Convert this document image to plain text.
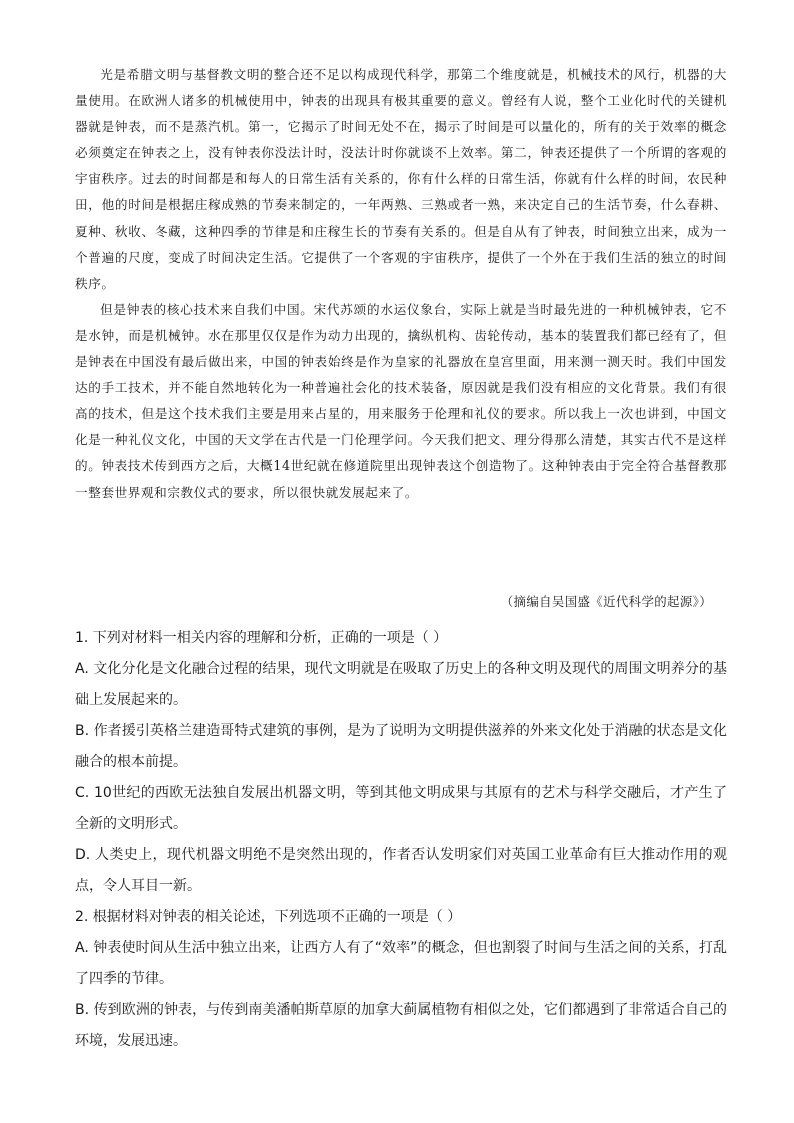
光是希腊文明与基督教文明的整合还不足以构成现代科学，那第二个维度就是，机械技术的风行，机器的大量使用。在欧洲人诸多的机械使用中，钟表的出现具有极其重要的意义。曾经有人说，整个工业化时代的关键机器就是钟表，而不是蒸汽机。第一，它揭示了时间无处不在，揭示了时间是可以量化的，所有的关于效率的概念必须奠定在钟表之上，没有钟表你没法计时，没法计时你就谈不上效率。第二，钟表还提供了一个所谓的客观的宇宙秩序。过去的时间都是和每人的日常生活有关系的，你有什么样的日常生活，你就有什么样的时间，农民种田，他的时间是根据庄稼成熟的节奏来制定的，一年两熟、三熟或者一熟，来决定自己的生活节奏，什么春耕、夏种、秋收、冬藏，这种四季的节律是和庄稼生长的节奏有关系的。但是自从有了钟表，时间独立出来，成为一个普遍的尺度，变成了时间决定生活。它提供了一个客观的宇宙秩序，提供了一个外在于我们生活的独立的时间秩序。

但是钟表的核心技术来自我们中国。宋代苏颂的水运仪象台，实际上就是当时最先进的一种机械钟表，它不是水钟，而是机械钟。水在那里仅仅是作为动力出现的，擒纵机构、齿轮传动，基本的装置我们都已经有了，但是钟表在中国没有最后做出来，中国的钟表始终是作为皇家的礼器放在皇宫里面，用来测一测天时。我们中国发达的手工技术，并不能自然地转化为一种普遍社会化的技术装备，原因就是我们没有相应的文化背景。我们有很高的技术，但是这个技术我们主要是用来占星的，用来服务于伦理和礼仪的要求。所以我上一次也讲到，中国文化是一种礼仪文化，中国的天文学在古代是一门伦理学问。今天我们把文、理分得那么清楚，其实古代不是这样的。钟表技术传到西方之后，大概14世纪就在修道院里出现钟表这个创造物了。这种钟表由于完全符合基督教那一整套世界观和宗教仪式的要求，所以很快就发展起来了。

（摘编自吴国盛《近代科学的起源》）

1. 下列对材料一相关内容的理解和分析，正确的一项是（ ）

A. 文化分化是文化融合过程的结果，现代文明就是在吸取了历史上的各种文明及现代的周围文明养分的基础上发展起来的。

B. 作者援引英格兰建造哥特式建筑的事例，是为了说明为文明提供滋养的外来文化处于消融的状态是文化融合的根本前提。

C. 10世纪的西欧无法独自发展出机器文明，等到其他文明成果与其原有的艺术与科学交融后，才产生了全新的文明形式。

D. 人类史上，现代机器文明绝不是突然出现的，作者否认发明家们对英国工业革命有巨大推动作用的观点，令人耳目一新。

2. 根据材料对钟表的相关论述，下列选项不正确的一项是（ ）

A. 钟表使时间从生活中独立出来，让西方人有了“效率”的概念，但也割裂了时间与生活之间的关系，打乱了四季的节律。

B. 传到欧洲的钟表，与传到南美潘帕斯草原的加拿大蓟属植物有相似之处，它们都遇到了非常适合自己的环境，发展迅速。
